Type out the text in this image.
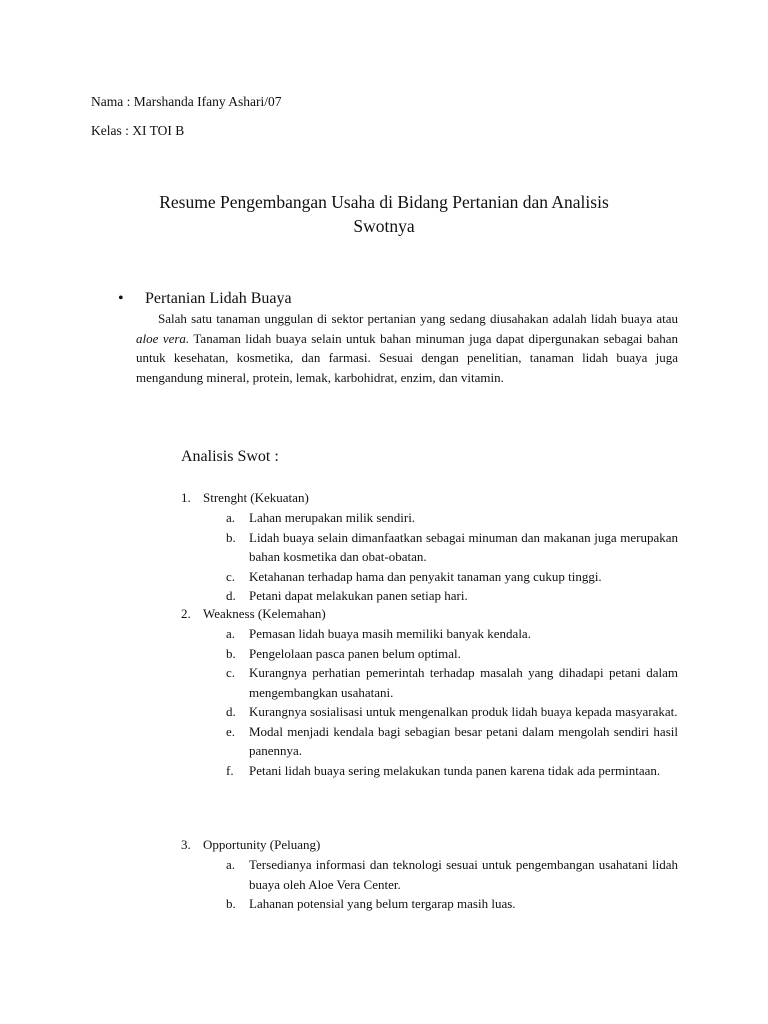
Nama : Marshanda Ifany Ashari/07
Kelas : XI TOI B
Resume Pengembangan Usaha di Bidang Pertanian dan Analisis
Swotnya
• Pertanian Lidah Buaya
Salah satu tanaman unggulan di sektor pertanian yang sedang diusahakan adalah lidah buaya atau aloe vera. Tanaman lidah buaya selain untuk bahan minuman juga dapat dipergunakan sebagai bahan untuk kesehatan, kosmetika, dan farmasi. Sesuai dengan penelitian, tanaman lidah buaya juga mengandung mineral, protein, lemak, karbohidrat, enzim, dan vitamin.
Analisis Swot :
1. Strenght (Kekuatan)
a. Lahan merupakan milik sendiri.
b. Lidah buaya selain dimanfaatkan sebagai minuman dan makanan juga merupakan bahan kosmetika dan obat-obatan.
c. Ketahanan terhadap hama dan penyakit tanaman yang cukup tinggi.
d. Petani dapat melakukan panen setiap hari.
2. Weakness (Kelemahan)
a. Pemasan lidah buaya masih memiliki banyak kendala.
b. Pengelolaan pasca panen belum optimal.
c. Kurangnya perhatian pemerintah terhadap masalah yang dihadapi petani dalam mengembangkan usahatani.
d. Kurangnya sosialisasi untuk mengenalkan produk lidah buaya kepada masyarakat.
e. Modal menjadi kendala bagi sebagian besar petani dalam mengolah sendiri hasil panennya.
f. Petani lidah buaya sering melakukan tunda panen karena tidak ada permintaan.
3. Opportunity (Peluang)
a. Tersedianya informasi dan teknologi sesuai untuk pengembangan usahatani lidah buaya oleh Aloe Vera Center.
b. Lahanan potensial yang belum tergarap masih luas.
